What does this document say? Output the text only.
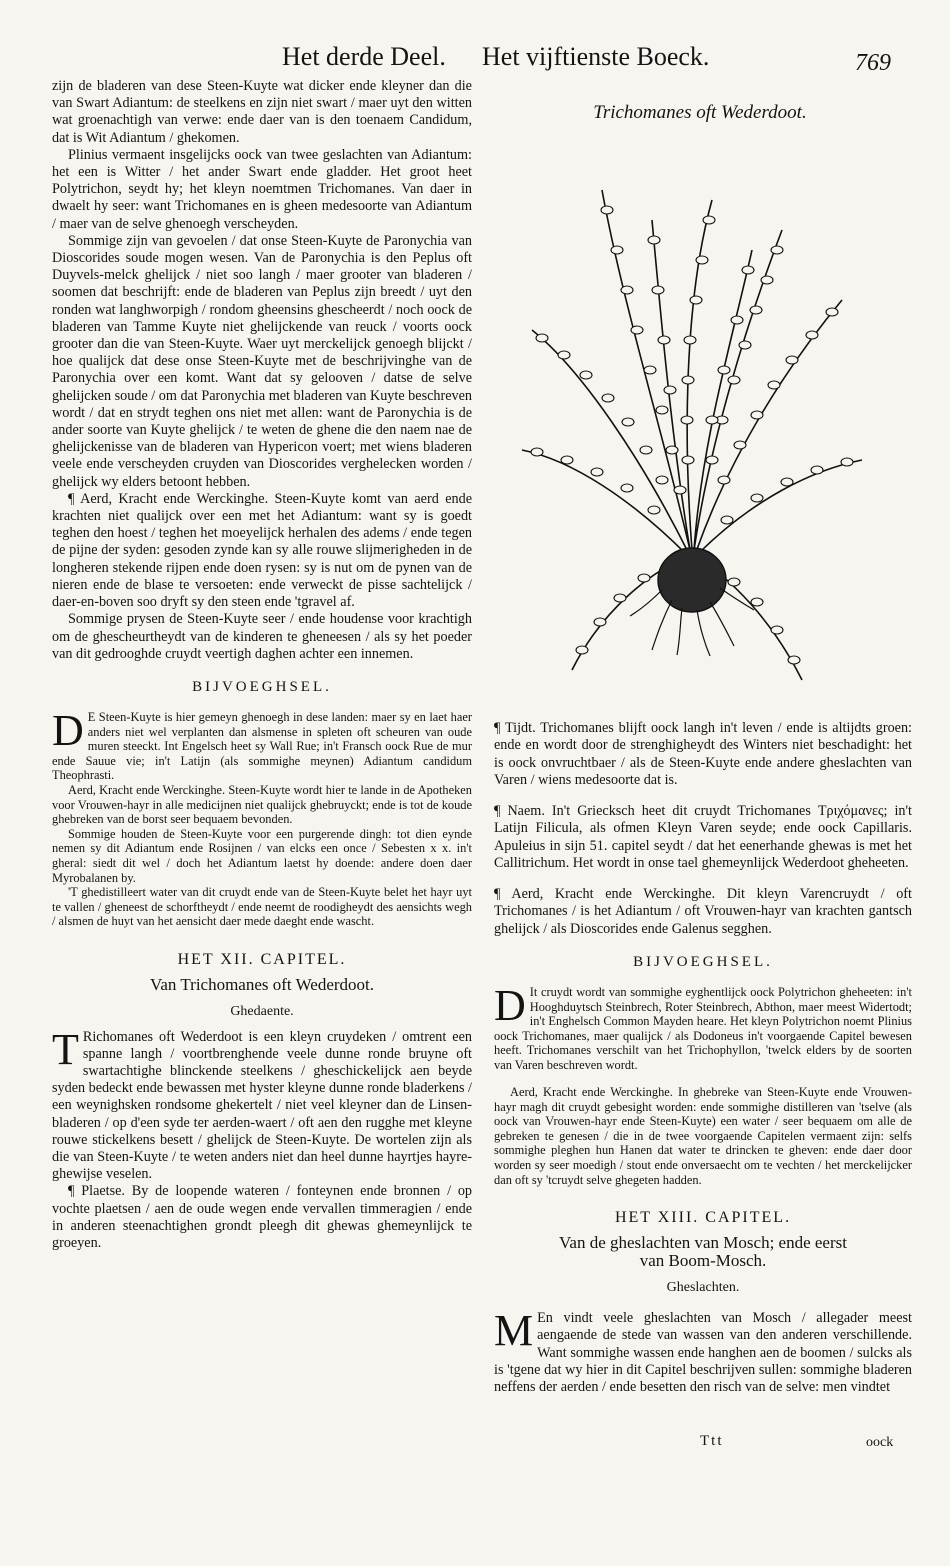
Het derde Deel. Het vijftienste Boeck.	769

zijn de bladeren van dese Steen-Kuyte wat dicker ende kleyner dan die van Swart Adiantum: de steelkens en zijn niet swart / maer uyt den witten wat groenachtigh van verwe: ende daer van is den toenaem Candidum, dat is Wit Adiantum / ghekomen.

Plinius vermaent insgelijcks oock van twee geslachten van Adiantum: het een is Witter / het ander Swart ende gladder. Het groot heet Polytrichon, seydt hy; het kleyn noemtmen Trichomanes. Van daer in dwaelt hy seer: want Trichomanes en is gheen medesoorte van Adiantum / maer van de selve ghenoegh verscheyden.

Sommige zijn van gevoelen / dat onse Steen-Kuyte de Paronychia van Dioscorides soude mogen wesen. Van de Paronychia is den Peplus oft Duyvels-melck ghelijck / niet soo langh / maer grooter van bladeren / soomen dat beschrijft: ende de bladeren van Peplus zijn breedt / uyt den ronden wat langhworpigh / rondom gheensins ghescheerdt / noch oock de bladeren van Tamme Kuyte niet ghelijckende van reuck / voorts oock grooter dan die van Steen-Kuyte. Waer uyt merckelijck genoegh blijckt / hoe qualijck dat dese onse Steen-Kuyte met de beschrijvinghe van de Paronychia over een komt. Want dat sy gelooven / datse de selve ghelijcken soude / om dat Paronychia met bladeren van Kuyte beschreven wordt / dat en strydt teghen ons niet met allen: want de Paronychia is de ander soorte van Kuyte ghelijck / te weten de ghene die den naem nae de ghelijckenisse van de bladeren van Hypericon voert; met wiens bladeren veele ende verscheyden cruyden van Dioscorides verghelecken worden / ghelijck wy elders betoont hebben.

¶ Aerd, Kracht ende Werckinghe. Steen-Kuyte komt van aerd ende krachten niet qualijck over een met het Adiantum: want sy is goedt teghen den hoest / teghen het moeyelijck herhalen des adems / ende tegen de pijne der syden: gesoden zynde kan sy alle rouwe slijmerigheden in de longheren stekende rijpen ende doen rysen: sy is nut om de pynen van de nieren ende de blase te versoeten: ende verweckt de pisse sachtelijck / daer-en-boven soo dryft sy den steen ende 'tgravel af.

Sommige prysen de Steen-Kuyte seer / ende houdense voor krachtigh om de ghescheurtheydt van de kinderen te gheneesen / als sy het poeder van dit gedrooghde cruydt veertigh daghen achter een innemen.

BIJVOEGHSEL.

D E Steen-Kuyte is hier gemeyn ghenoegh in dese landen: maer sy en laet haer anders niet wel verplanten dan alsmense in spleten oft scheuren van oude muren steeckt. Int Engelsch heet sy Wall Rue; in't Fransch oock Rue de mur ende Sauue vie; in't Latijn (als sommighe meynen) Adiantum candidum Theophrasti.

Aerd, Kracht ende Werckinghe. Steen-Kuyte wordt hier te lande in de Apotheken voor Vrouwen-hayr in alle medicijnen niet qualijck ghebruyckt; ende is tot de koude ghebreken van de borst seer bequaem bevonden.

Sommige houden de Steen-Kuyte voor een purgerende dingh: tot dien eynde nemen sy dit Adiantum ende Rosijnen / van elcks een once / Sebesten x x. in't gheral: siedt dit wel / doch het Adiantum laetst hy doende: andere doen daer Myrobalanen by.

'T ghedistilleert water van dit cruydt ende van de Steen-Kuyte belet het hayr uyt te vallen / gheneest de schorftheydt / ende neemt de roodigheydt des aensichts wegh / alsmen de huyt van het aensicht daer mede daeght ende wascht.

HET XII. CAPITEL.
Van Trichomanes oft Wederdoot.
Ghedaente.

T Richomanes oft Wederdoot is een kleyn cruydeken / omtrent een spanne langh / voortbrenghende veele dunne ronde bruyne oft swartachtighe blinckende steelkens / gheschickelijck aen beyde syden bedeckt ende bewassen met hyster kleyne dunne ronde bladerkens / een weynighsken rondsome ghekertelt / niet veel kleyner dan de Linsen-bladeren / op d'een syde ter aerden-waert / oft aen den rugghe met kleyne rouwe stickelkens besett / ghelijck de Steen-Kuyte. De wortelen zijn als die van Steen-Kuyte / te weten anders niet dan heel dunne hayrtjes hayre-ghewijse veselen.

¶ Plaetse. By de loopende wateren / fonteynen ende bronnen / op vochte plaetsen / aen de oude wegen ende vervallen timmeragien / ende in anderen steenachtighen grondt pleegh dit ghewas ghemeynlijck te groeyen.

Trichomanes oft Wederdoot.

¶ Tijdt. Trichomanes blijft oock langh in't leven / ende is altijdts groen: ende en wordt door de strenghigheydt des Winters niet beschadight: het is oock onvruchtbaer / als de Steen-Kuyte ende andere gheslachten van Varen / wiens medesoorte dat is.

¶ Naem. In't Griecksch heet dit cruydt Trichomanes Τριχόμανες; in't Latijn Filicula, als ofmen Kleyn Varen seyde; ende oock Capillaris. Apuleius in sijn 51. capitel seydt / dat het eenerhande ghewas is met het Callitrichum. Het wordt in onse tael ghemeynlijck Wederdoot gheheeten.

¶ Aerd, Kracht ende Werckinghe. Dit kleyn Varencruydt / oft Trichomanes / is het Adiantum / oft Vrouwen-hayr van krachten gantsch ghelijck / als Dioscorides ende Galenus segghen.

BIJVOEGHSEL.

D It cruydt wordt van sommighe eyghentlijck oock Polytrichon gheheeten: in't Hooghduytsch Steinbrech, Roter Steinbrech, Abthon, maer meest Widertodt; in't Enghelsch Common Mayden heare. Het kleyn Polytrichon noemt Plinius oock Trichomanes, maer qualijck / als Dodoneus in't voorgaende Capitel bewesen heeft. Trichomanes verschilt van het Trichophyllon, 'twelck elders by de soorten van Varen beschreven wordt.

Aerd, Kracht ende Werckinghe. In ghebreke van Steen-Kuyte ende Vrouwen-hayr magh dit cruydt gebesight worden: ende sommighe distilleren van 'tselve (als oock van Vrouwen-hayr ende Steen-Kuyte) een water / seer bequaem om alle de gebreken te genesen / die in de twee voorgaende Capitelen vermaent zijn: selfs sommighe pleghen hun Hanen dat water te drincken te gheven: ende daer door worden sy seer moedigh / stout ende onversaecht om te vechten / het merckelijcker dan oft sy 'tcruydt selve ghegeten hadden.

HET XIII. CAPITEL.
Van de gheslachten van Mosch; ende eerst
van Boom-Mosch.
Gheslachten.

M En vindt veele gheslachten van Mosch / allegader meest aengaende de stede van wassen van den anderen verschillende. Want sommighe wassen ende hanghen aen de boomen / sulcks als is 'tgene dat wy hier in dit Capitel beschrijven sullen: sommighe bladeren neffens der aerden / ende besetten den risch van de selve: men vindtet

Ttt	oock
